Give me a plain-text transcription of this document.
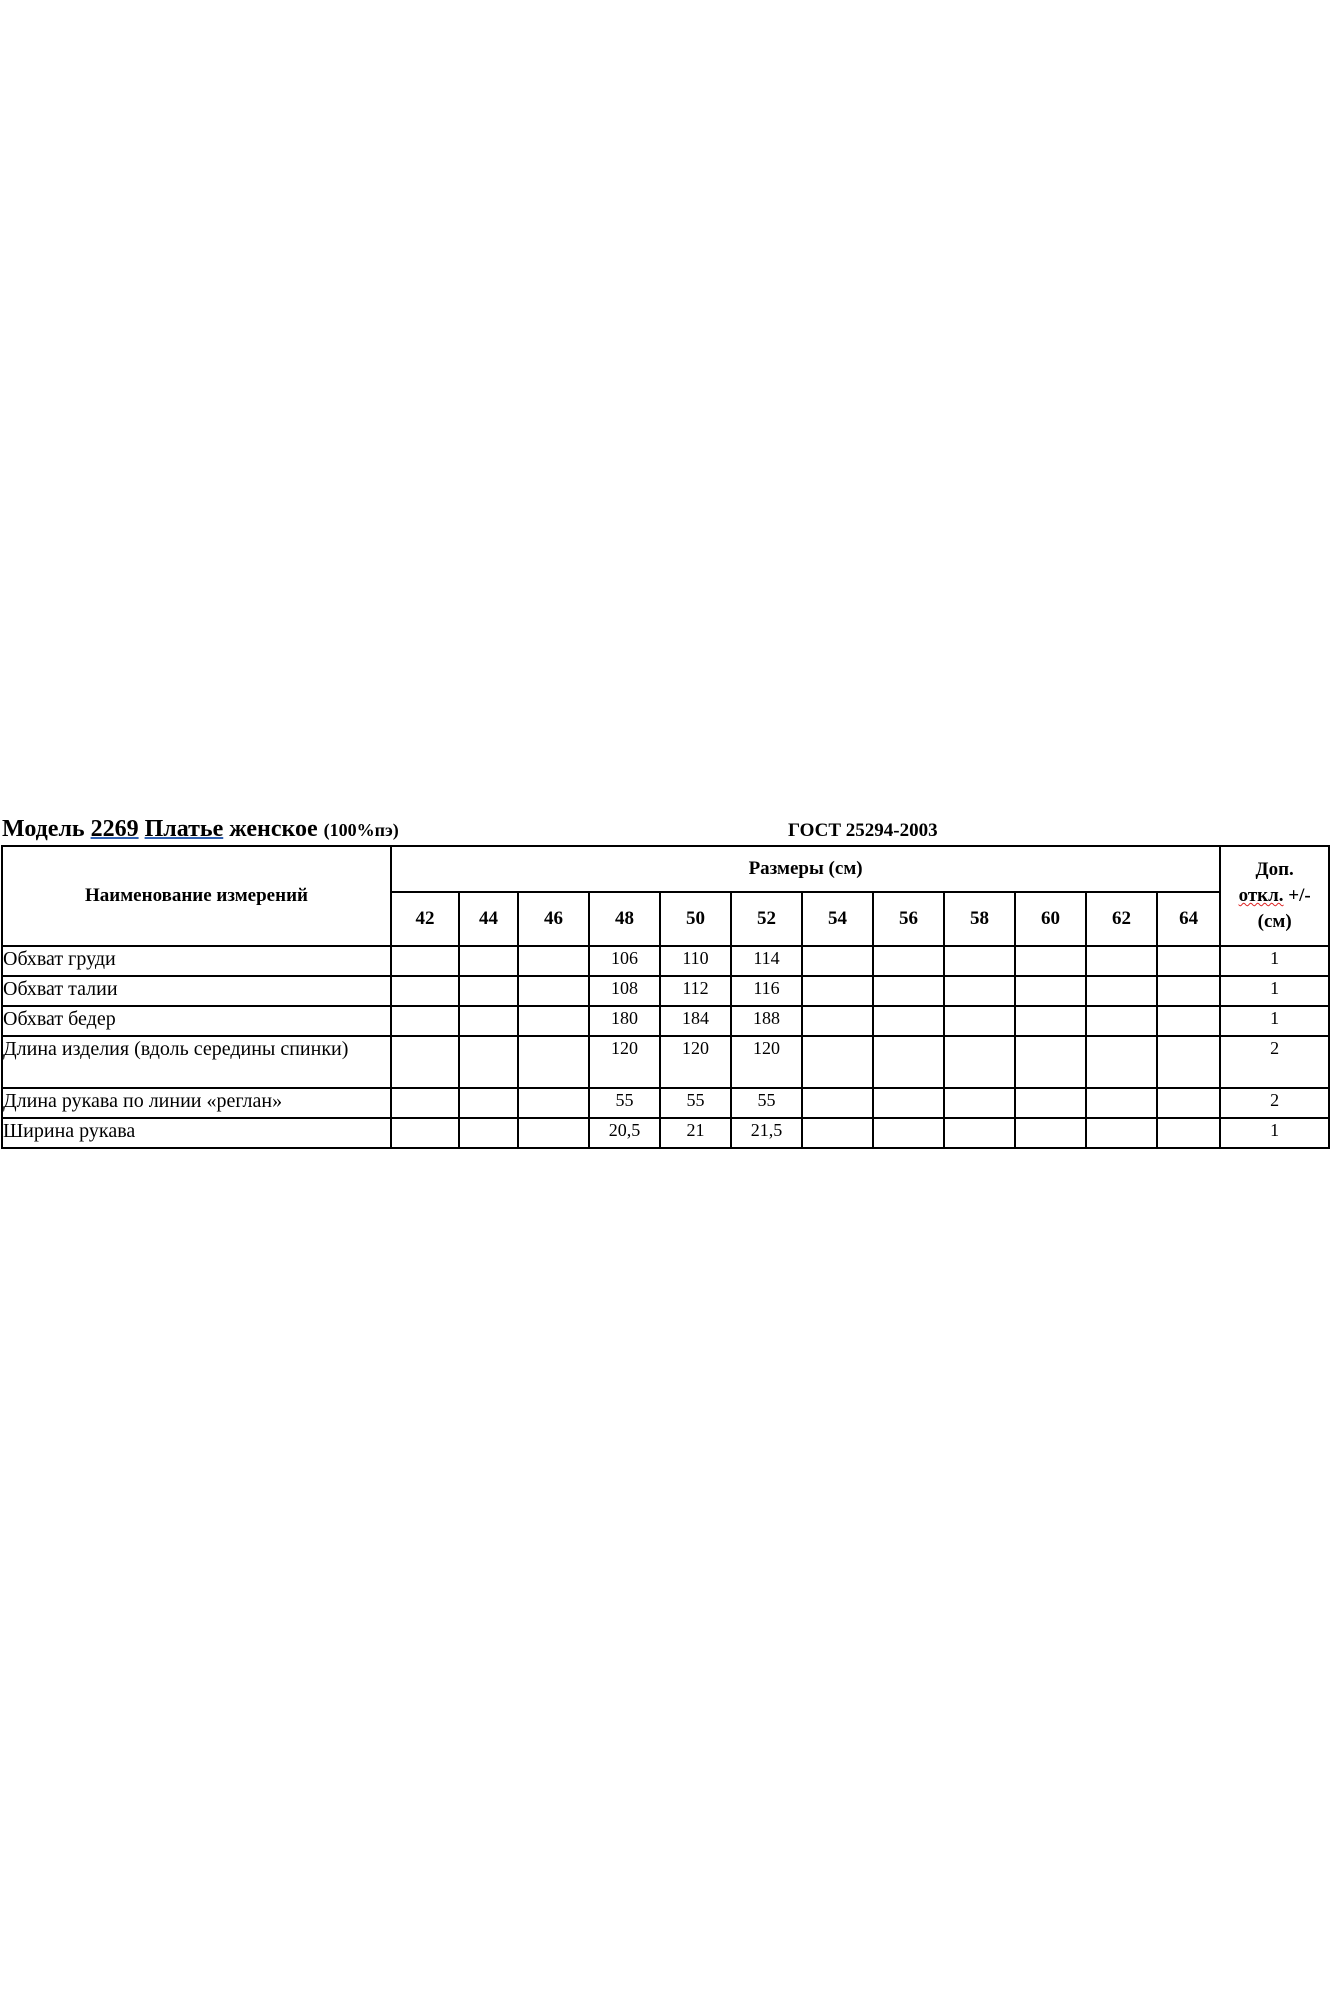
Модель 2269 Платье женское (100%пэ)	ГОСТ 25294-2003
Наименование измерений	Размеры (см)												Доп.
откл. +/-
(см)
	42	44	46	48	50	52	54	56	58	60	62	64	
Обхват груди				106	110	114							1
Обхват талии				108	112	116							1
Обхват бедер				180	184	188							1
Длина изделия (вдоль середины спинки)				120	120	120							2
Длина рукава по линии «реглан»				55	55	55							2
Ширина рукава				20,5	21	21,5							1
